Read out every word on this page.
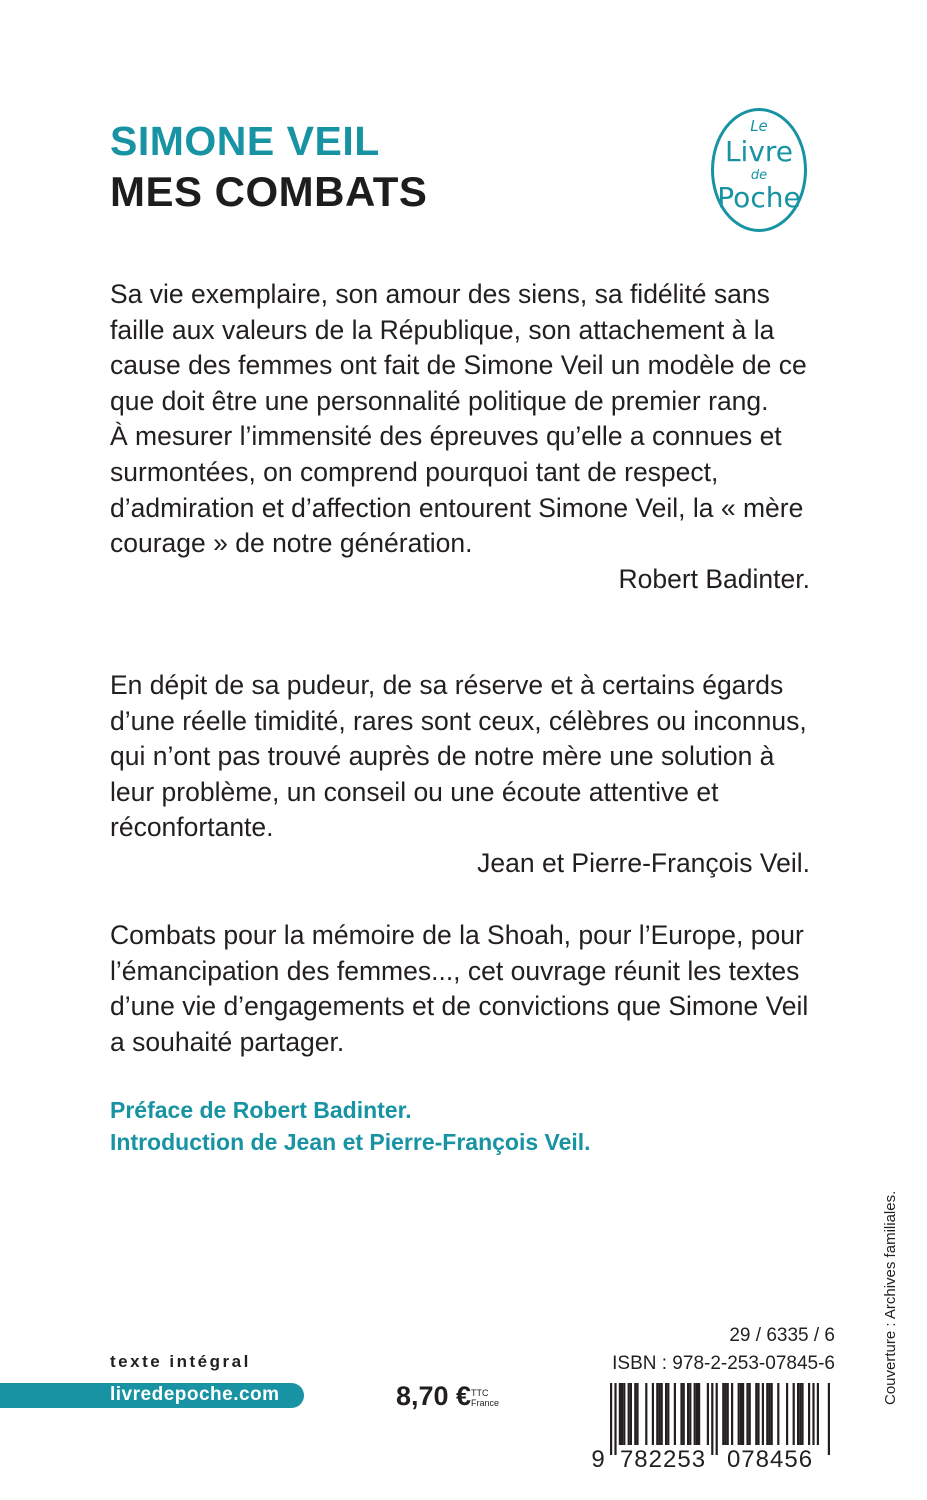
SIMONE VEIL
MES COMBATS
Le
Livre
de
Poche

Sa vie exemplaire, son amour des siens, sa fidélité sans faille aux valeurs de la République, son attachement à la cause des femmes ont fait de Simone Veil un modèle de ce que doit être une personnalité politique de premier rang.

À mesurer l’immensité des épreuves qu’elle a connues et surmontées, on comprend pourquoi tant de respect, d’admiration et d’affection entourent Simone Veil, la « mère courage » de notre génération.

Robert Badinter.

En dépit de sa pudeur, de sa réserve et à certains égards d’une réelle timidité, rares sont ceux, célèbres ou inconnus, qui n’ont pas trouvé auprès de notre mère une solution à leur problème, un conseil ou une écoute attentive et réconfortante.

Jean et Pierre-François Veil.

Combats pour la mémoire de la Shoah, pour l’Europe, pour l’émancipation des femmes..., cet ouvrage réunit les textes d’une vie d’engagements et de convictions que Simone Veil a souhaité partager.

Préface de Robert Badinter.
Introduction de Jean et Pierre-François Veil.
Couverture : Archives familiales.
texte intégral
livredepoche.com	8,70 € TTC
France
29 / 6335 / 6
ISBN : 978-2-253-07845-6
9 782253 078456
